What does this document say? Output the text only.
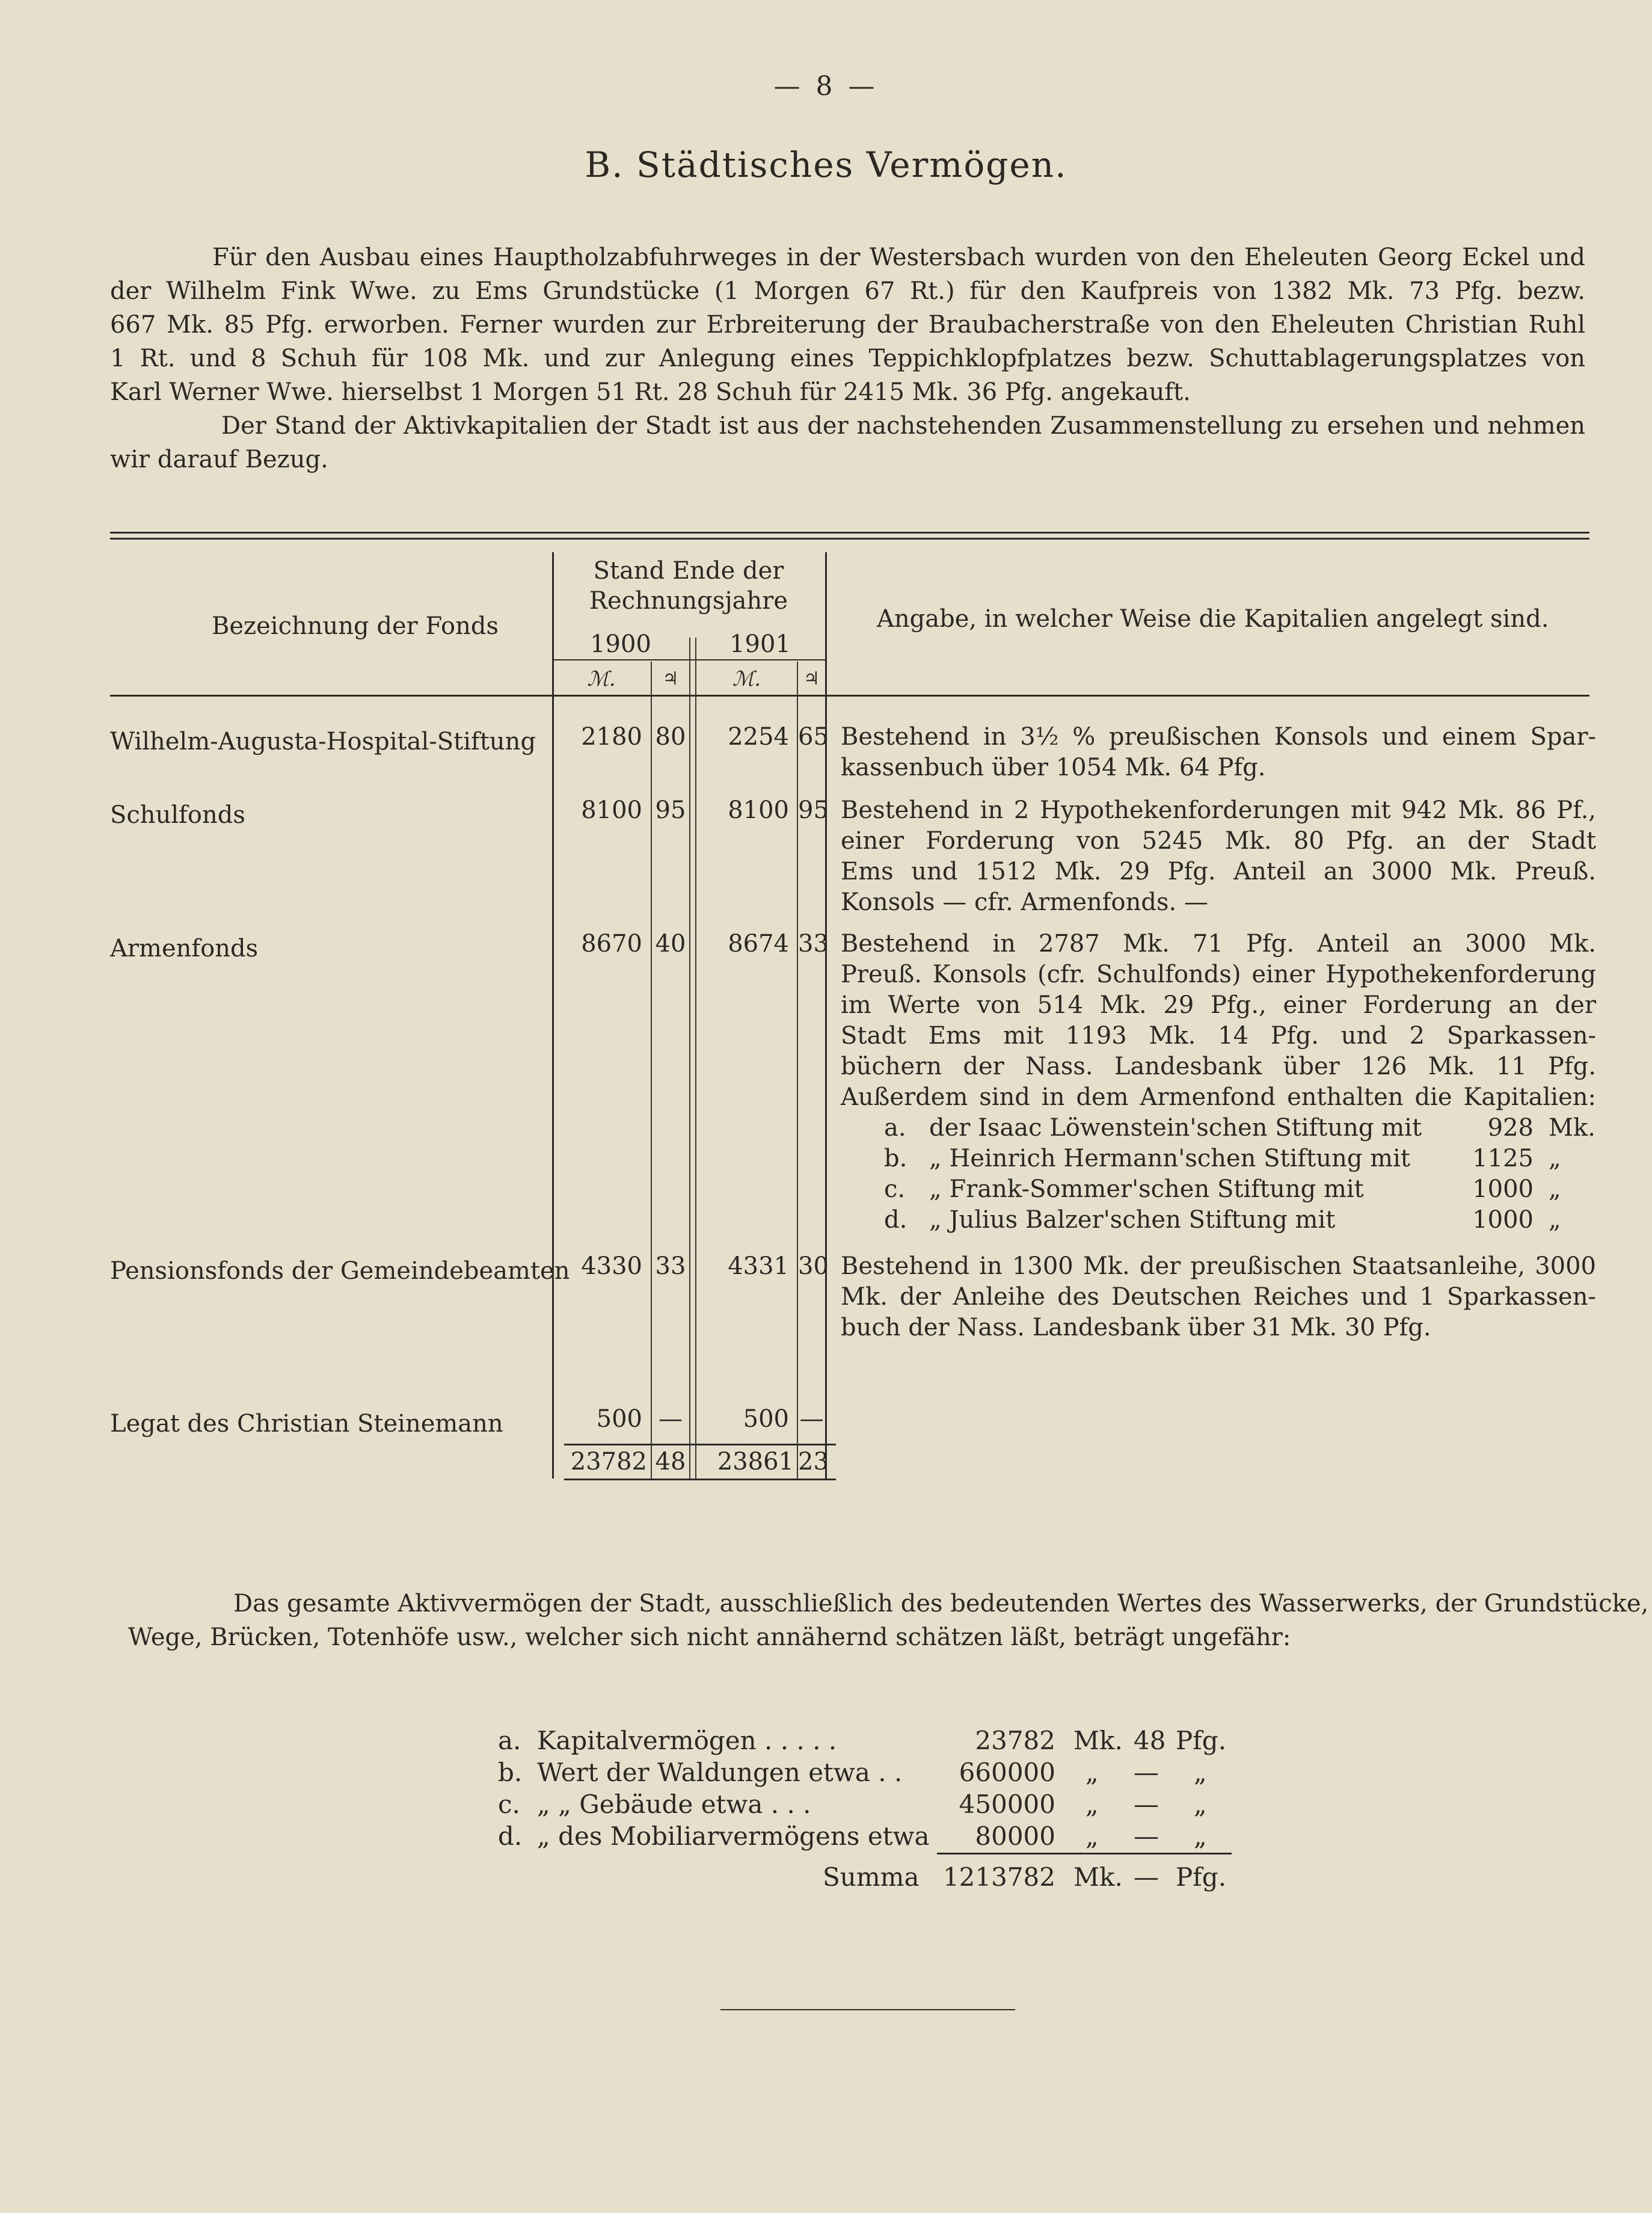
— 8 —
B. Städtisches Vermögen.
Für den Ausbau eines Hauptholzabfuhrweges in der Westersbach wurden von den Eheleuten Georg Eckel und
der Wilhelm Fink Wwe. zu Ems Grundstücke (1 Morgen 67 Rt.) für den Kaufpreis von 1382 Mk. 73 Pfg. bezw.
667 Mk. 85 Pfg. erworben. Ferner wurden zur Erbreiterung der Braubacherstraße von den Eheleuten Christian Ruhl
1 Rt. und 8 Schuh für 108 Mk. und zur Anlegung eines Teppichklopfplatzes bezw. Schuttablagerungsplatzes von
Karl Werner Wwe. hierselbst 1 Morgen 51 Rt. 28 Schuh für 2415 Mk. 36 Pfg. angekauft.
Der Stand der Aktivkapitalien der Stadt ist aus der nachstehenden Zusammenstellung zu ersehen und nehmen
wir darauf Bezug.
Bezeichnung der Fonds
Stand Ende der
Rechnungsjahre
1900	1901
ℳ.	♃	ℳ.	♃
Angabe, in welcher Weise die Kapitalien angelegt sind.
Wilhelm-Augusta-Hospital-Stiftung	2180 80	2254 65 Bestehend in 3½ % preußischen Konsols und einem Spar-
kassenbuch über 1054 Mk. 64 Pfg.
Schulfonds	8100 95	8100 95 Bestehend in 2 Hypothekenforderungen mit 942 Mk. 86 Pf.,
einer Forderung von 5245 Mk. 80 Pfg. an der Stadt
Ems und 1512 Mk. 29 Pfg. Anteil an 3000 Mk. Preuß.
Konsols — cfr. Armenfonds. —
Armenfonds	8670 40	8674 33 Bestehend in 2787 Mk. 71 Pfg. Anteil an 3000 Mk.
Preuß. Konsols (cfr. Schulfonds) einer Hypothekenforderung
im Werte von 514 Mk. 29 Pfg., einer Forderung an der
Stadt Ems mit 1193 Mk. 14 Pfg. und 2 Sparkassen-
büchern der Nass. Landesbank über 126 Mk. 11 Pfg.
Außerdem sind in dem Armenfond enthalten die Kapitalien:
a. der Isaac Löwenstein'schen Stiftung mit	928 Mk.
b. „ Heinrich Hermann'schen Stiftung mit	1125 „
c. „ Frank-Sommer'schen Stiftung mit	1000 „
d. „ Julius Balzer'schen Stiftung mit	1000 „
Pensionsfonds der Gemeindebeamten 4330 33	4331 30 Bestehend in 1300 Mk. der preußischen Staatsanleihe, 3000
Mk. der Anleihe des Deutschen Reiches und 1 Sparkassen-
buch der Nass. Landesbank über 31 Mk. 30 Pfg.
Legat des Christian Steinemann	500 —	500 —
23782 48	23861 23
Das gesamte Aktivvermögen der Stadt, ausschließlich des bedeutenden Wertes des Wasserwerks, der Grundstücke,
Wege, Brücken, Totenhöfe usw., welcher sich nicht annähernd schätzen läßt, beträgt ungefähr:
a. Kapitalvermögen . . . . .	23782 Mk. 48 Pfg.
b. Wert der Waldungen etwa . .	660000 „ — „
c. „ „ Gebäude etwa . . .	450000 „ — „
d. „ des Mobiliarvermögens etwa	80000 „ — „
Summa 1213782 Mk. — Pfg.
